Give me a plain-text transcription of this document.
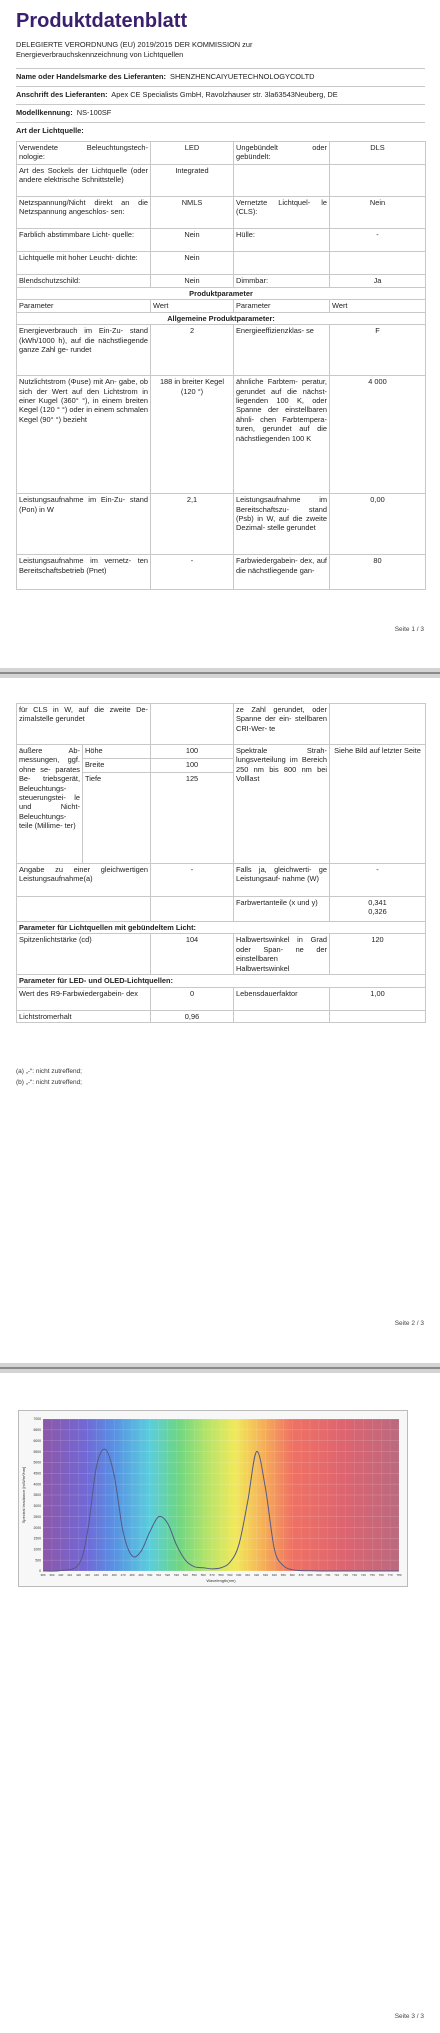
Produktdatenblatt
DELEGIERTE VERORDNUNG (EU) 2019/2015 DER KOMMISSION zur
Energieverbrauchskennzeichnung von Lichtquellen
Name oder Handelsmarke des Lieferanten: SHENZHENCAIYUETECHNOLOGYCOLTD
Anschrift des Lieferanten: Apex CE Specialists GmbH, Ravolzhauser str. 3la63543Neuberg, DE
Modellkennung: NS-100SF
Art der Lichtquelle:
Verwendete Beleuchtungstech- nologie:	LED	Ungebündelt oder gebündelt:	DLS
Art des Sockels der Lichtquelle (oder andere elektrische Schnittstelle)	Integrated		
Netzspannung/Nicht direkt an die Netzspannung angeschlos- sen:	NMLS	Vernetzte Lichtquel- le (CLS):	Nein
Farblich abstimmbare Licht- quelle:	Nein	Hülle:	-
Lichtquelle mit hoher Leucht- dichte:	Nein		
Blendschutzschild:	Nein	Dimmbar:	Ja
Produktparameter			
Parameter	Wert	Parameter	Wert
Allgemeine Produktparameter:			
Energieverbrauch im Ein-Zu- stand (kWh/1000 h), auf die nächstliegende ganze Zahl ge- rundet	2	Energieeffizienzklas- se	F
Nutzlichtstrom (Φuse) mit An- gabe, ob sich der Wert auf den Lichtstrom in einer Kugel (360° °), in einem breiten Kegel (120 ° °) oder in einem schmalen Kegel (90° °) bezieht	188 in breiter Kegel (120 °)	ähnliche Farbtem- peratur, gerundet auf die nächst- liegenden 100 K, oder Spanne der einstellbaren ähnli- chen Farbtempera- turen, gerundet auf die nächstliegenden 100 K	4 000
Leistungsaufnahme im Ein-Zu- stand (Pon) in W	2,1	Leistungsaufnahme im Bereitschaftszu- stand (Psb) in W, auf die zweite Dezimal- stelle gerundet	0,00
Leistungsaufnahme im vernetz- ten Bereitschaftsbetrieb (Pnet)	-	Farbwiedergabein- dex, auf die nächstliegende gan-	80
Seite 1 / 3
für CLS in W, auf die zweite De- zimalstelle gerundet			ze Zahl gerundet, oder Spanne der ein- stellbaren CRI-Wer- te	
äußere Ab- messungen, ggf. ohne se- parates Be- triebsgerät, Beleuchtungs- steuerungstei- le und Nicht- Beleuchtungs- teile (Millime- ter)	Höhe	100	Spektrale Strah- lungsverteilung im Bereich 250 nm bis 800 nm bei Volllast	Siehe Bild auf letzter Seite
	Breite	100		
	Tiefe	125		
Angabe zu einer gleichwertigen Leistungsaufnahme(a)		-	Falls ja, gleichwerti- ge Leistungsauf- nahme (W)	-
			Farbwertanteile (x und y)	0,341
0,326

Parameter für Lichtquellen mit gebündeltem Licht:				
Spitzenlichtstärke (cd)		104	Halbwertswinkel in Grad oder Span- ne der einstellbaren Halbwertswinkel	120
Parameter für LED- und OLED-Lichtquellen:				
Wert des R9-Farbwiedergabein- dex		0	Lebensdauerfaktor	1,00
Lichtstromerhalt		0,96		
(a) „-“: nicht zutreffend;
(b) „-“: nicht zutreffend;
Seite 2 / 3
Seite 3 / 3
0
500
1000
1500
2000
2500
3000
3500
4000
4500
5000
5500
6000
6500
7000
380 390 400 410 420 430 440 450 460 470 480 490 500 510 520 530 540 550 560 570 580 590 600 610 620 630 640 650 660 670 680 690 700 710 720 730 740 750 760 770 780
Spectral Irradiance [mW/m²/nm]
Wavelength(nm)
